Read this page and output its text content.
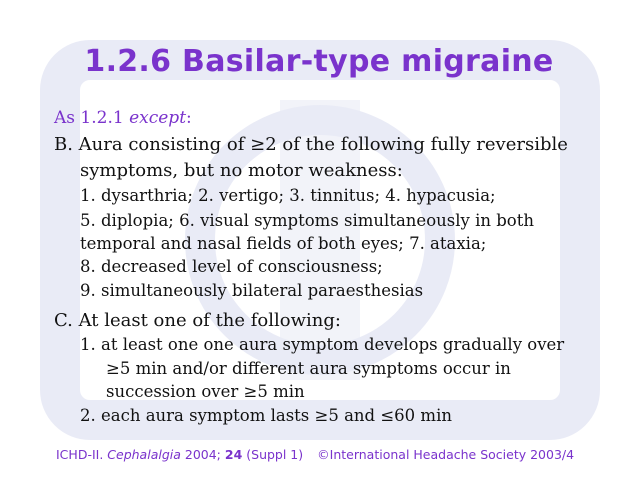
1.2.6 Basilar-type migraine
As 1.2.1 except:
B. Aura consisting of ≥2 of the following fully reversible
symptoms, but no motor weakness:
1. dysarthria; 2. vertigo; 3. tinnitus; 4. hypacusia;
5. diplopia; 6. visual symptoms simultaneously in both
temporal and nasal fields of both eyes; 7. ataxia;
8. decreased level of consciousness;
9. simultaneously bilateral paraesthesias
C. At least one of the following:
1. at least one one aura symptom develops gradually over
≥5 min and/or different aura symptoms occur in
succession over ≥5 min
2. each aura symptom lasts ≥5 and ≤60 min
ICHD-II. Cephalalgia 2004; 24 (Suppl 1) ©International Headache Society 2003/4
